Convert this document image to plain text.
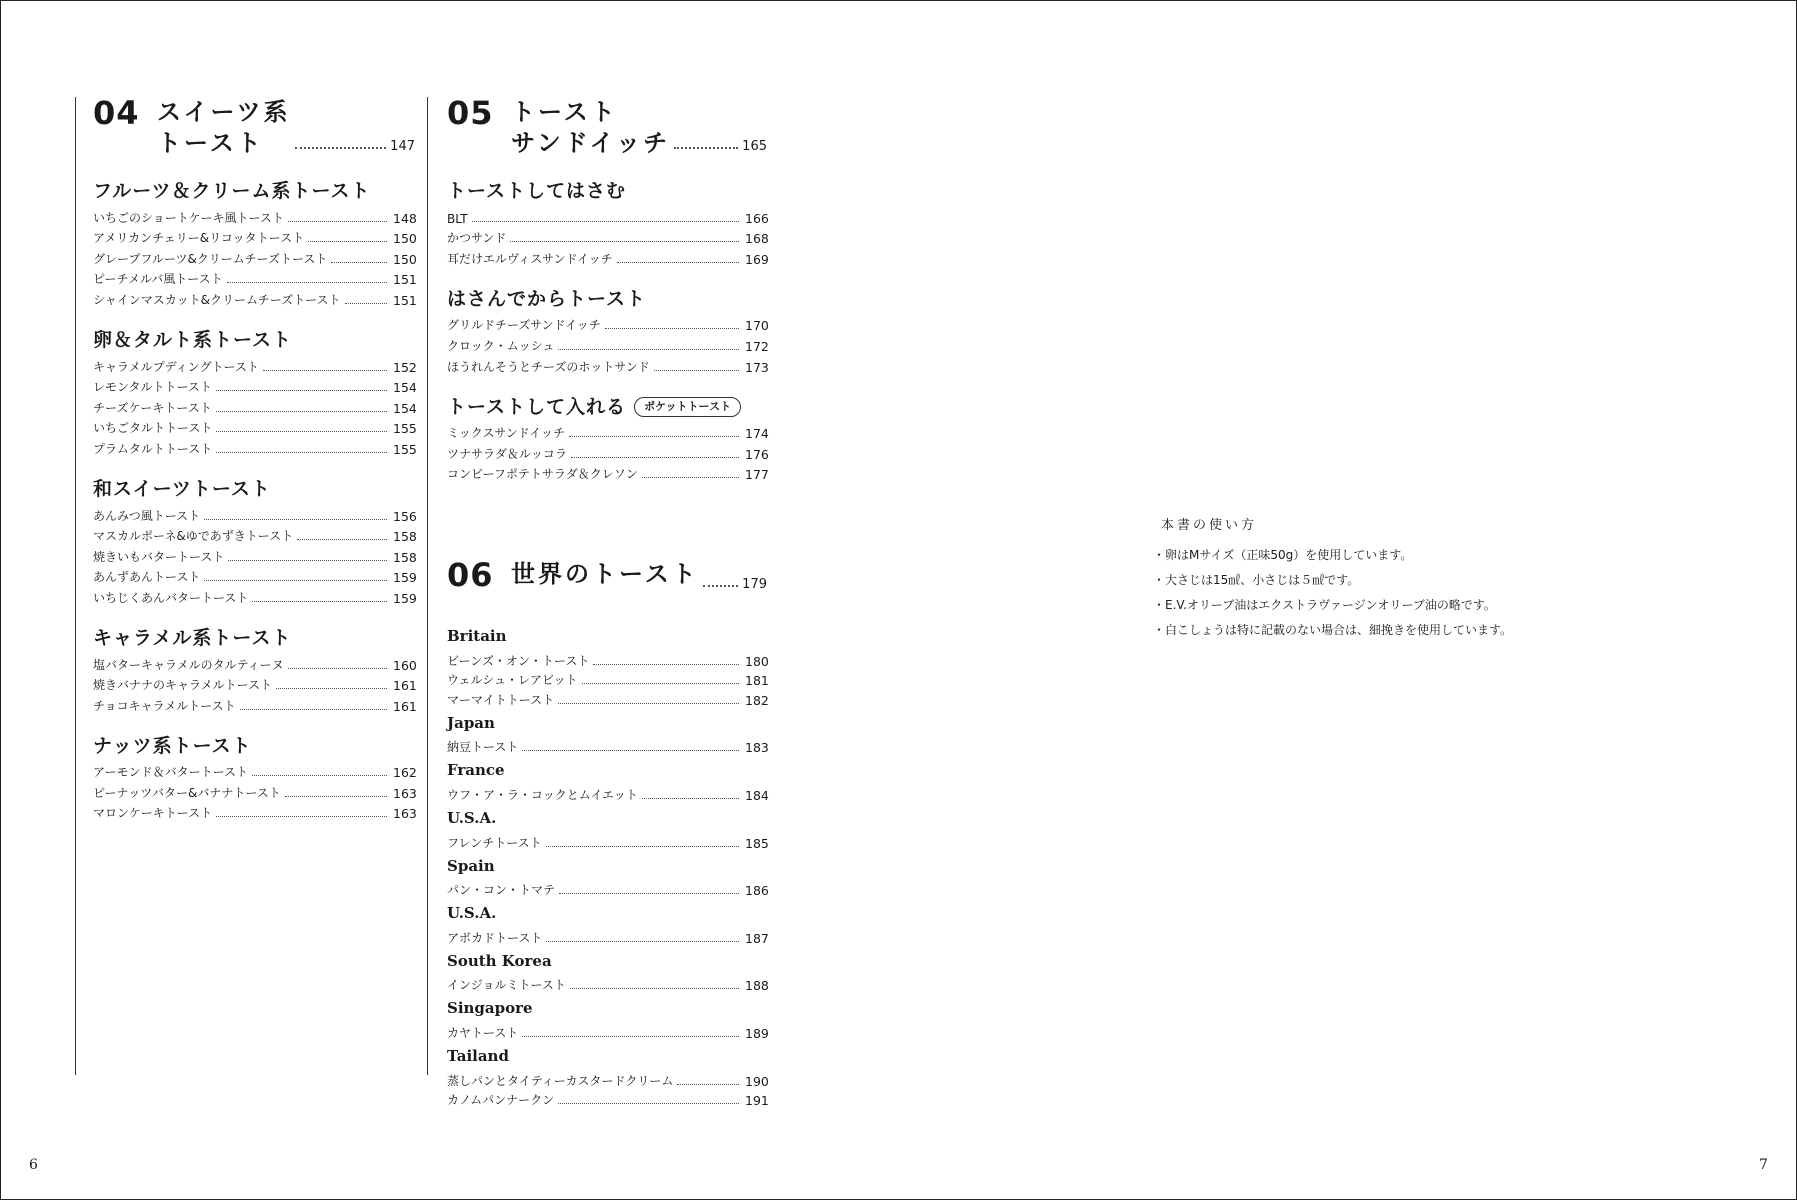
04 スイーツ系
トースト	147
フルーツ＆クリーム系トースト
いちごのショートケーキ風トースト	148
アメリカンチェリー&リコッタトースト	150
グレープフルーツ&クリームチーズトースト	150
ピーチメルバ風トースト	151
シャインマスカット&クリームチーズトースト	151
卵＆タルト系トースト
キャラメルプディングトースト	152
レモンタルトトースト	154
チーズケーキトースト	154
いちごタルトトースト	155
プラムタルトトースト	155
和スイーツトースト
あんみつ風トースト	156
マスカルポーネ&ゆであずきトースト	158
焼きいもバタートースト	158
あんずあんトースト	159
いちじくあんバタートースト	159
キャラメル系トースト
塩バターキャラメルのタルティーヌ	160
焼きバナナのキャラメルトースト	161
チョコキャラメルトースト	161
ナッツ系トースト
アーモンド＆バタートースト	162
ピーナッツバター&バナナトースト	163
マロンケーキトースト	163
05 トースト
サンドイッチ	165
トーストしてはさむ
BLT	166
かつサンド	168
耳だけエルヴィスサンドイッチ	169
はさんでからトースト
グリルドチーズサンドイッチ	170
クロック・ムッシュ	172
ほうれんそうとチーズのホットサンド	173
トーストして入れる	ポケットトースト
ミックスサンドイッチ	174
ツナサラダ＆ルッコラ	176
コンビーフポテトサラダ＆クレソン	177
06 世界のトースト	179
Britain
ビーンズ・オン・トースト	180
ウェルシュ・レアビット	181
マーマイトトースト	182
Japan
納豆トースト	183
France
ウフ・ア・ラ・コックとムイエット	184
U.S.A.
フレンチトースト	185
Spain
パン・コン・トマテ	186
U.S.A.
アボカドトースト	187
South Korea
インジョルミトースト	188
Singapore
カヤトースト	189
Tailand
蒸しパンとタイティーカスタードクリーム	190
カノムパンナークン	191
本書の使い方
・卵はMサイズ（正味50g）を使用しています。
・大さじは15㎖、小さじは５㎖です。
・E.V.オリーブ油はエクストラヴァージンオリーブ油の略です。
・白こしょうは特に記載のない場合は、細挽きを使用しています。
6	7
